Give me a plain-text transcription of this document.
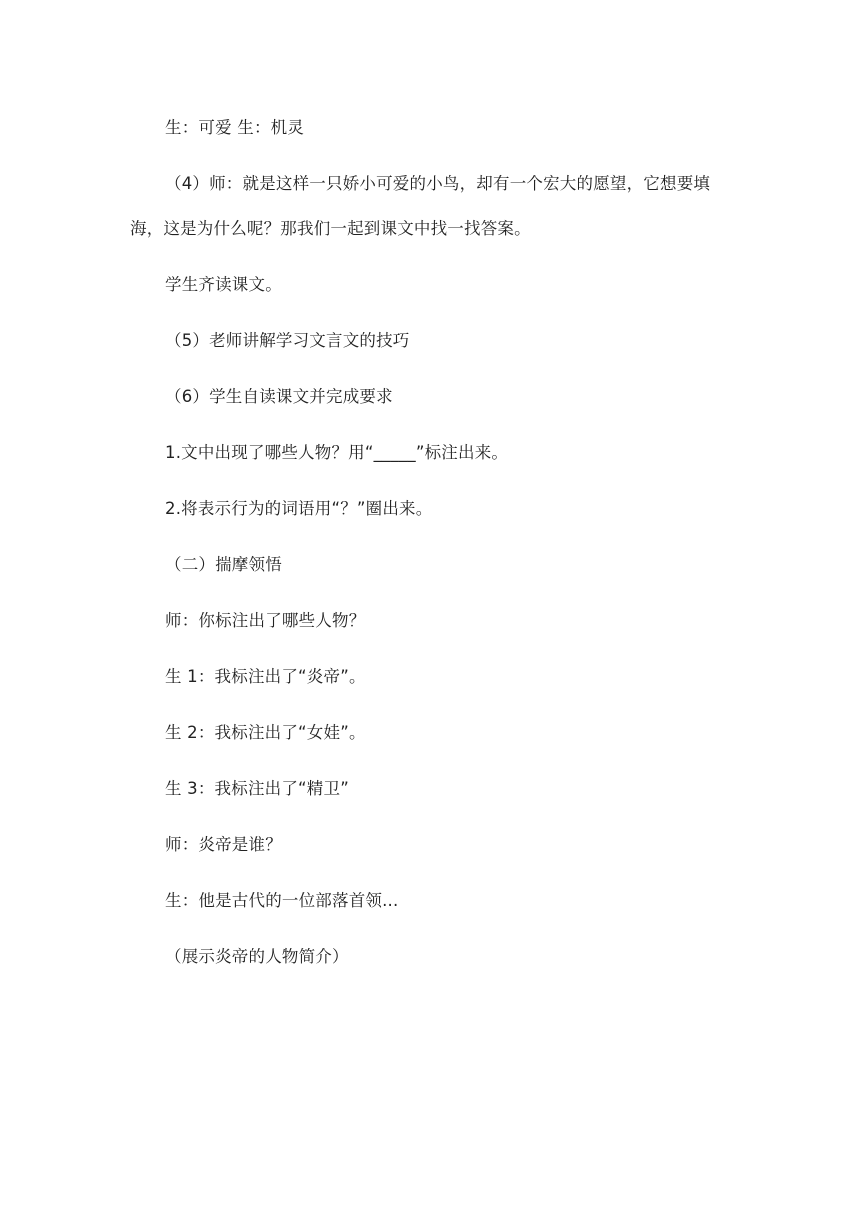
生：可爱 生：机灵
（4）师：就是这样一只娇小可爱的小鸟，却有一个宏大的愿望，它想要填
海，这是为什么呢？那我们一起到课文中找一找答案。
学生齐读课文。
（5）老师讲解学习文言文的技巧
（6）学生自读课文并完成要求
1.文中出现了哪些人物？用“_____”标注出来。
2.将表示行为的词语用“？”圈出来。
（二）揣摩领悟
师：你标注出了哪些人物？
生 1：我标注出了“炎帝”。
生 2：我标注出了“女娃”。
生 3：我标注出了“精卫”
师：炎帝是谁？
生：他是古代的一位部落首领...
（展示炎帝的人物简介）
